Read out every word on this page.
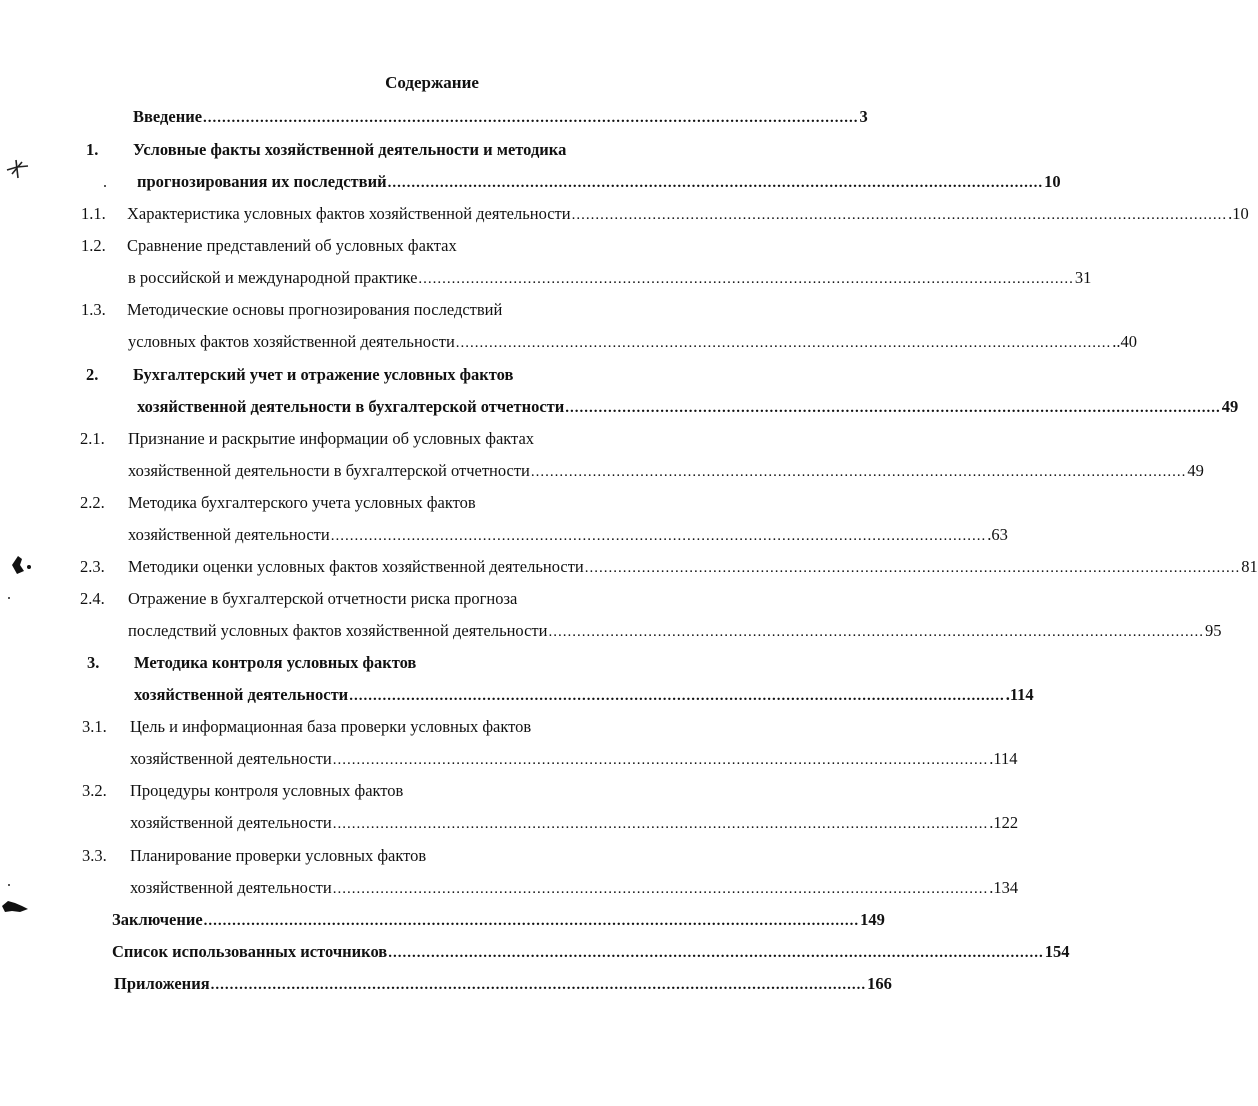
Содержание
Введение .......................................................................................................................................... 3
1. Условные факты хозяйственной деятельности и методика
прогнозирования их последствий .......................................................................................................................................... 10
1.1. Характеристика условных фактов хозяйственной деятельности .......................................................................................................................................... .10
1.2. Сравнение представлений об условных фактах
в российской и международной практике .......................................................................................................................................... 31
1.3. Методические основы прогнозирования последствий
условных фактов хозяйственной деятельности .......................................................................................................................................... ..40
2. Бухгалтерский учет и отражение условных фактов
хозяйственной деятельности в бухгалтерской отчетности .......................................................................................................................................... 49
2.1. Признание и раскрытие информации об условных фактах
хозяйственной деятельности в бухгалтерской отчетности .......................................................................................................................................... 49
2.2. Методика бухгалтерского учета условных фактов
хозяйственной деятельности .......................................................................................................................................... .63
2.3. Методики оценки условных фактов хозяйственной деятельности .......................................................................................................................................... 81
2.4. Отражение в бухгалтерской отчетности риска прогноза
последствий условных фактов хозяйственной деятельности .......................................................................................................................................... 95
3. Методика контроля условных фактов
хозяйственной деятельности .......................................................................................................................................... .114
3.1. Цель и информационная база проверки условных фактов
хозяйственной деятельности .......................................................................................................................................... .114
3.2. Процедуры контроля условных фактов
хозяйственной деятельности .......................................................................................................................................... .122
3.3. Планирование проверки условных фактов
хозяйственной деятельности .......................................................................................................................................... .134
Заключение .......................................................................................................................................... 149
Список использованных источников .......................................................................................................................................... 154
Приложения .......................................................................................................................................... 166
